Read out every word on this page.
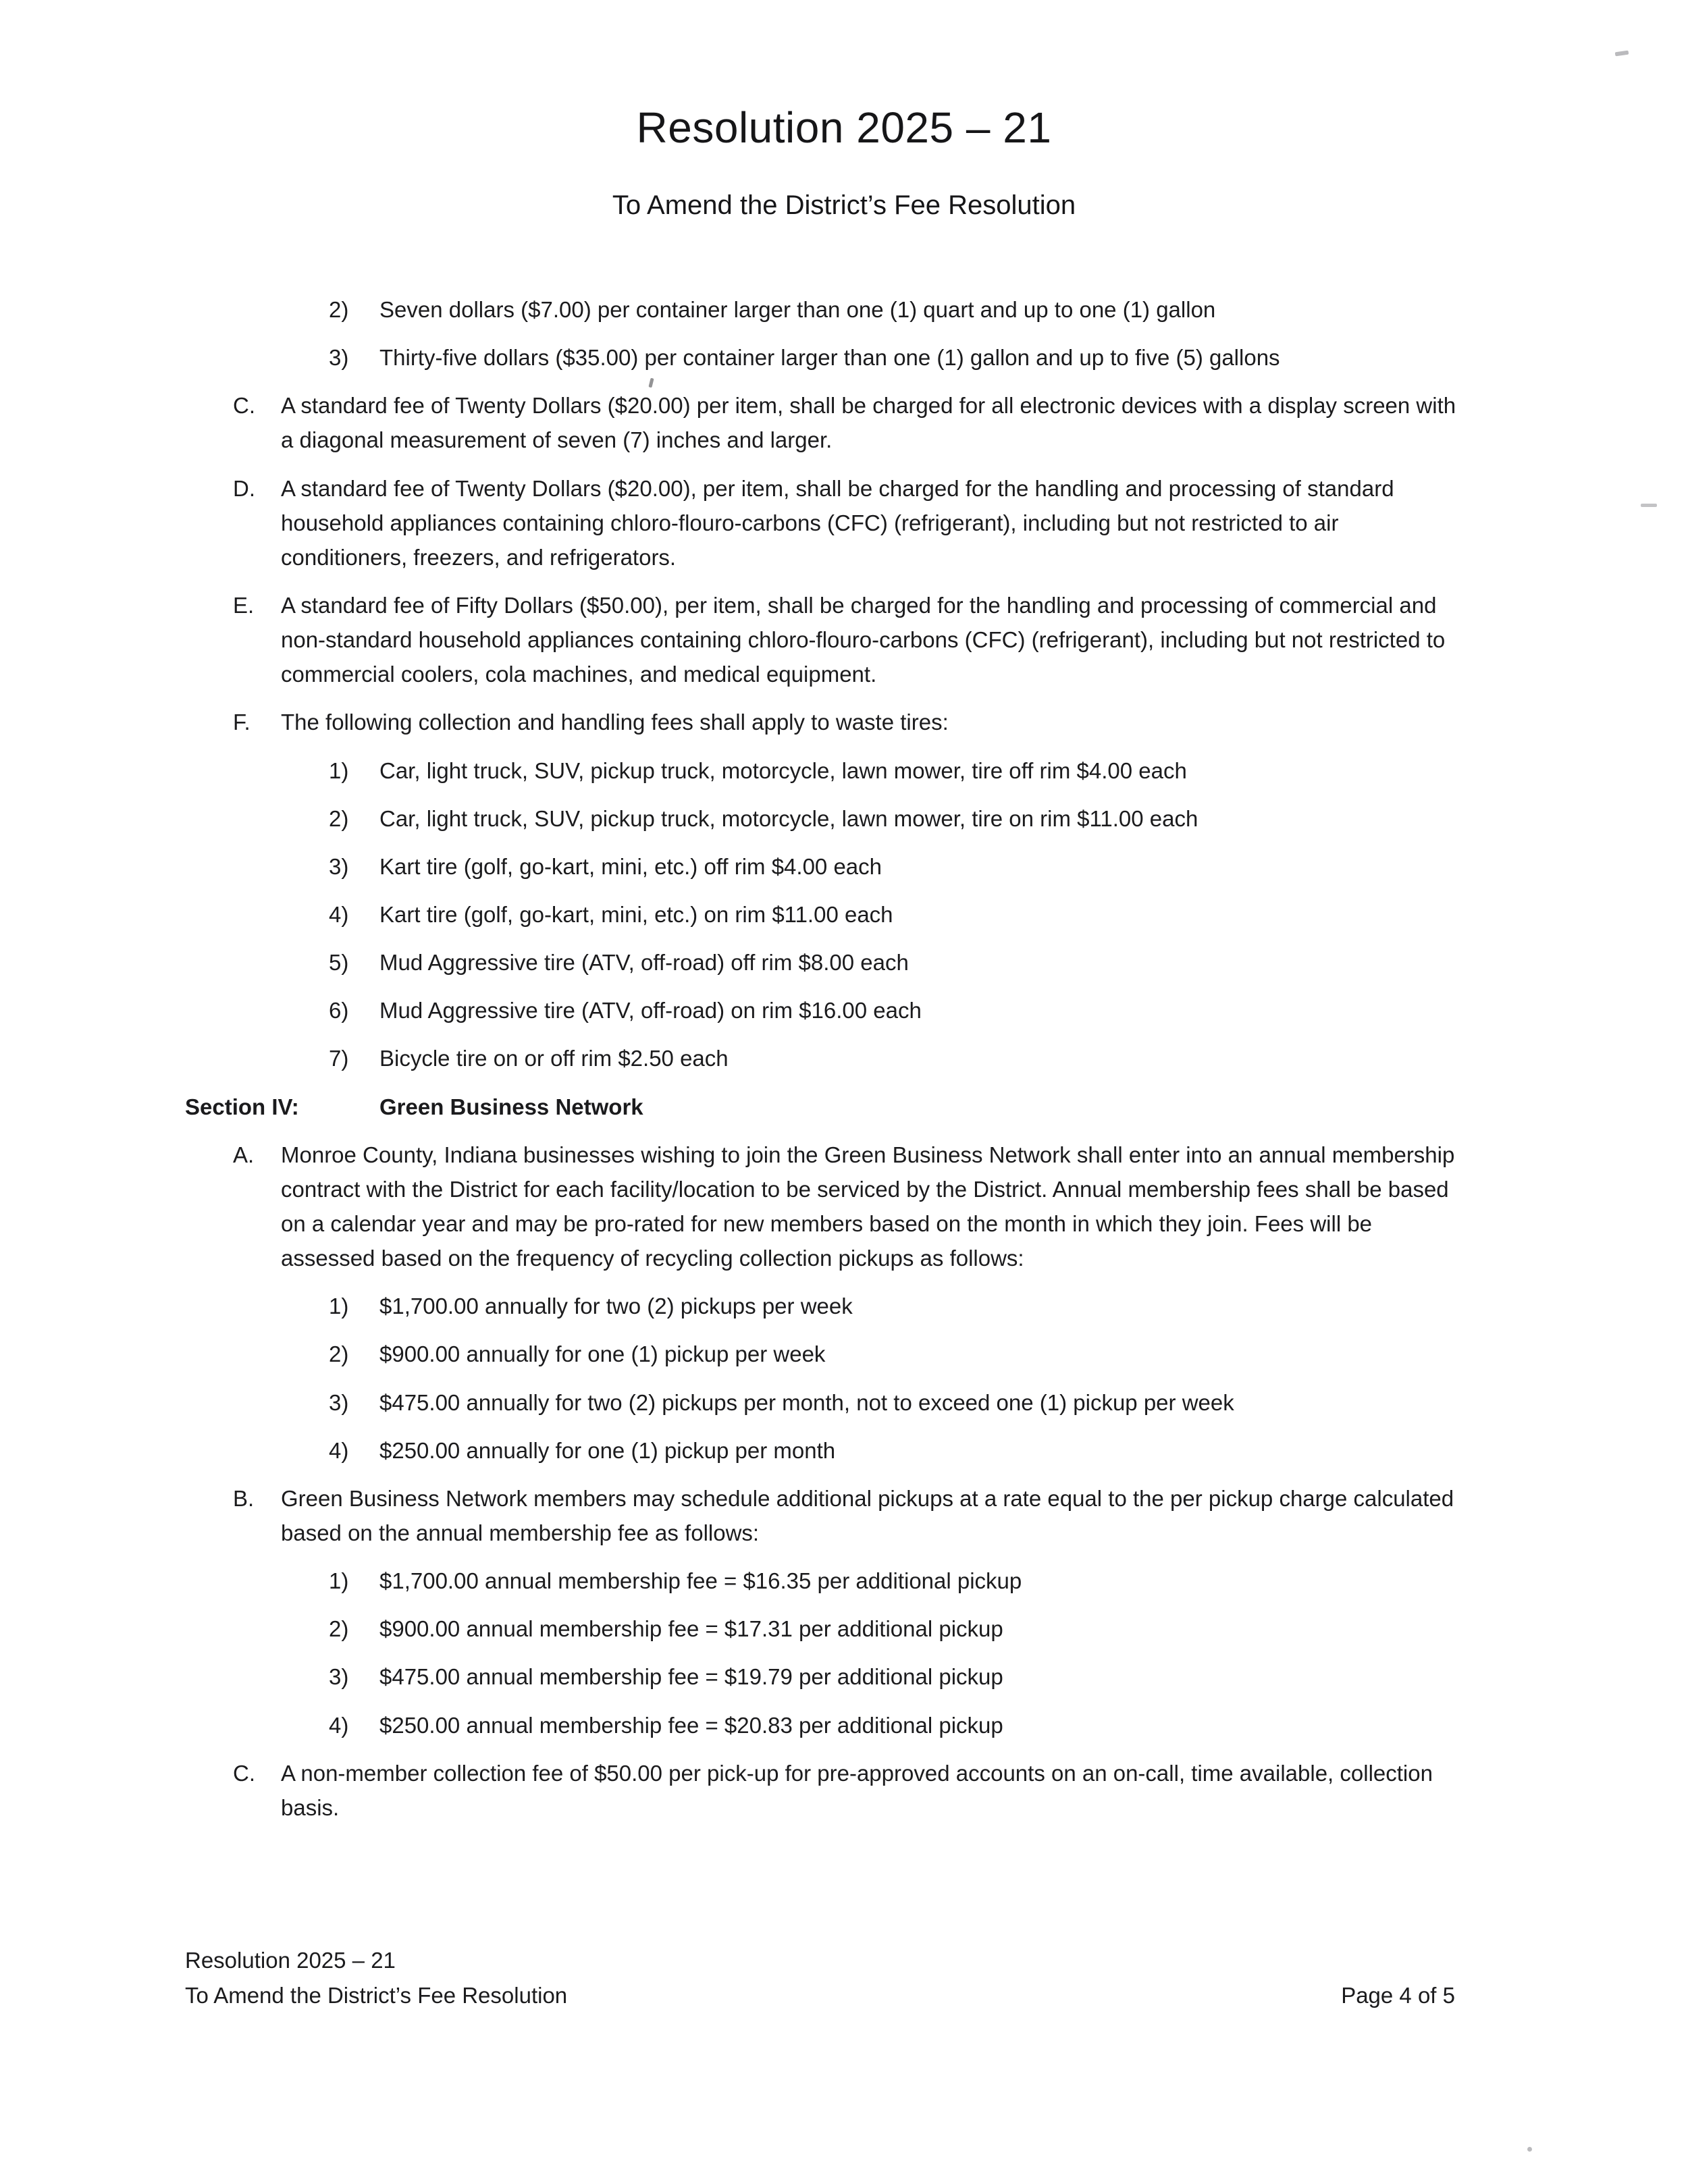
Resolution 2025 – 21
To Amend the District’s Fee Resolution
2)	Seven dollars ($7.00) per container larger than one (1) quart and up to one (1) gallon
3)	Thirty-five dollars ($35.00) per container larger than one (1) gallon and up to five (5) gallons
C.	A standard fee of Twenty Dollars ($20.00) per item, shall be charged for all electronic devices with a display screen with a diagonal measurement of seven (7) inches and larger.
D.	A standard fee of Twenty Dollars ($20.00), per item, shall be charged for the handling and processing of standard household appliances containing chloro-flouro-carbons (CFC) (refrigerant), including but not restricted to air conditioners, freezers, and refrigerators.
E.	A standard fee of Fifty Dollars ($50.00), per item, shall be charged for the handling and processing of commercial and non-standard household appliances containing chloro-flouro-carbons (CFC) (refrigerant), including but not restricted to commercial coolers, cola machines, and medical equipment.
F.	The following collection and handling fees shall apply to waste tires:
1)	Car, light truck, SUV, pickup truck, motorcycle, lawn mower, tire off rim $4.00 each
2)	Car, light truck, SUV, pickup truck, motorcycle, lawn mower, tire on rim $11.00 each
3)	Kart tire (golf, go-kart, mini, etc.) off rim $4.00 each
4)	Kart tire (golf, go-kart, mini, etc.) on rim $11.00 each
5)	Mud Aggressive tire (ATV, off-road) off rim $8.00 each
6)	Mud Aggressive tire (ATV, off-road) on rim $16.00 each
7)	Bicycle tire on or off rim $2.50 each
Section IV:	Green Business Network
A.	Monroe County, Indiana businesses wishing to join the Green Business Network shall enter into an annual membership contract with the District for each facility/location to be serviced by the District. Annual membership fees shall be based on a calendar year and may be pro-rated for new members based on the month in which they join. Fees will be assessed based on the frequency of recycling collection pickups as follows:
1)	$1,700.00 annually for two (2) pickups per week
2)	$900.00 annually for one (1) pickup per week
3)	$475.00 annually for two (2) pickups per month, not to exceed one (1) pickup per week
4)	$250.00 annually for one (1) pickup per month
B.	Green Business Network members may schedule additional pickups at a rate equal to the per pickup charge calculated based on the annual membership fee as follows:
1)	$1,700.00 annual membership fee = $16.35 per additional pickup
2)	$900.00 annual membership fee = $17.31 per additional pickup
3)	$475.00 annual membership fee = $19.79 per additional pickup
4)	$250.00 annual membership fee = $20.83 per additional pickup
C.	A non-member collection fee of $50.00 per pick-up for pre-approved accounts on an on-call, time available, collection basis.
Resolution 2025 – 21
To Amend the District’s Fee Resolution	Page 4 of 5
